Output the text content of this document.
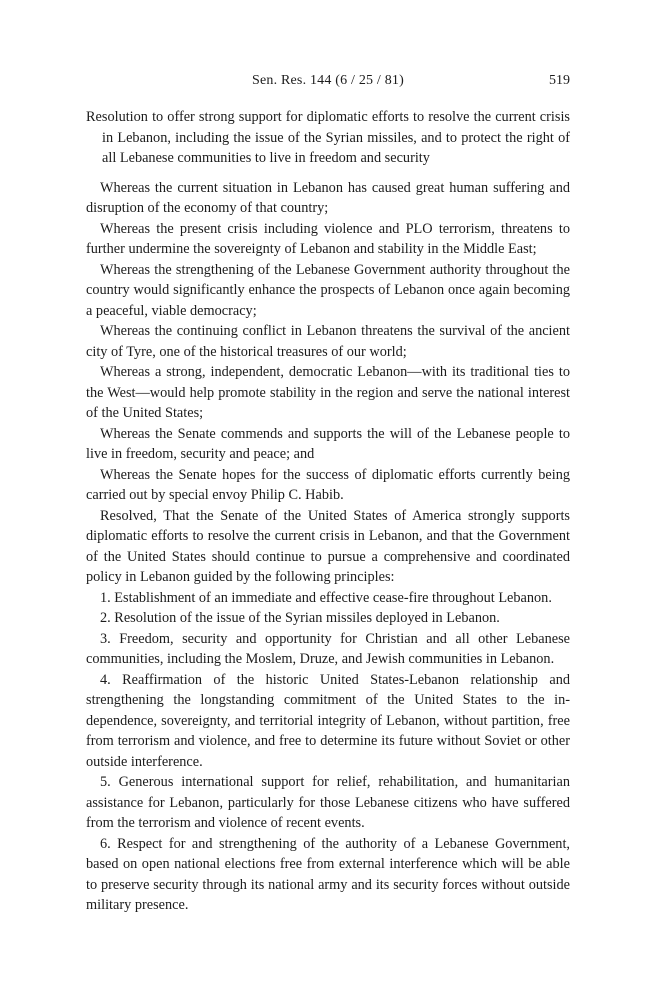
Sen. Res. 144 (6 / 25 / 81)	519

Resolution to offer strong support for diplomatic efforts to resolve the current crisis in Lebanon, including the issue of the Syrian missiles, and to protect the right of all Lebanese communities to live in freedom and security

Whereas the current situation in Lebanon has caused great human suffering and disruption of the economy of that country;

Whereas the present crisis including violence and PLO terrorism, threatens to further undermine the sovereignty of Lebanon and stability in the Middle East;

Whereas the strengthening of the Lebanese Government authority throughout the country would significantly enhance the prospects of Lebanon once again becoming a peaceful, viable democracy;

Whereas the continuing conflict in Lebanon threatens the survival of the ancient city of Tyre, one of the historical treasures of our world;

Whereas a strong, independent, democratic Lebanon—with its traditional ties to the West—would help promote stability in the region and serve the national interest of the United States;

Whereas the Senate commends and supports the will of the Lebanese people to live in freedom, security and peace; and

Whereas the Senate hopes for the success of diplomatic efforts currently being carried out by special envoy Philip C. Habib.

Resolved, That the Senate of the United States of America strongly supports diplomatic efforts to resolve the current crisis in Lebanon, and that the Government of the United States should continue to pursue a comprehensive and coordinated policy in Lebanon guided by the following principles:

1. Establishment of an immediate and effective cease-fire throughout Lebanon.

2. Resolution of the issue of the Syrian missiles deployed in Lebanon.

3. Freedom, security and opportunity for Christian and all other Lebanese communities, including the Moslem, Druze, and Jewish communities in Lebanon.

4. Reaffirmation of the historic United States-Lebanon relationship and strengthening the longstanding commitment of the United States to the independence, sovereignty, and territorial integrity of Lebanon, without partition, free from terrorism and violence, and free to determine its future without Soviet or other outside interference.

5. Generous international support for relief, rehabilitation, and humanitarian assistance for Lebanon, particularly for those Lebanese citizens who have suffered from the terrorism and violence of recent events.

6. Respect for and strengthening of the authority of a Lebanese Government, based on open national elections free from external interference which will be able to preserve security through its national army and its security forces without outside military presence.
